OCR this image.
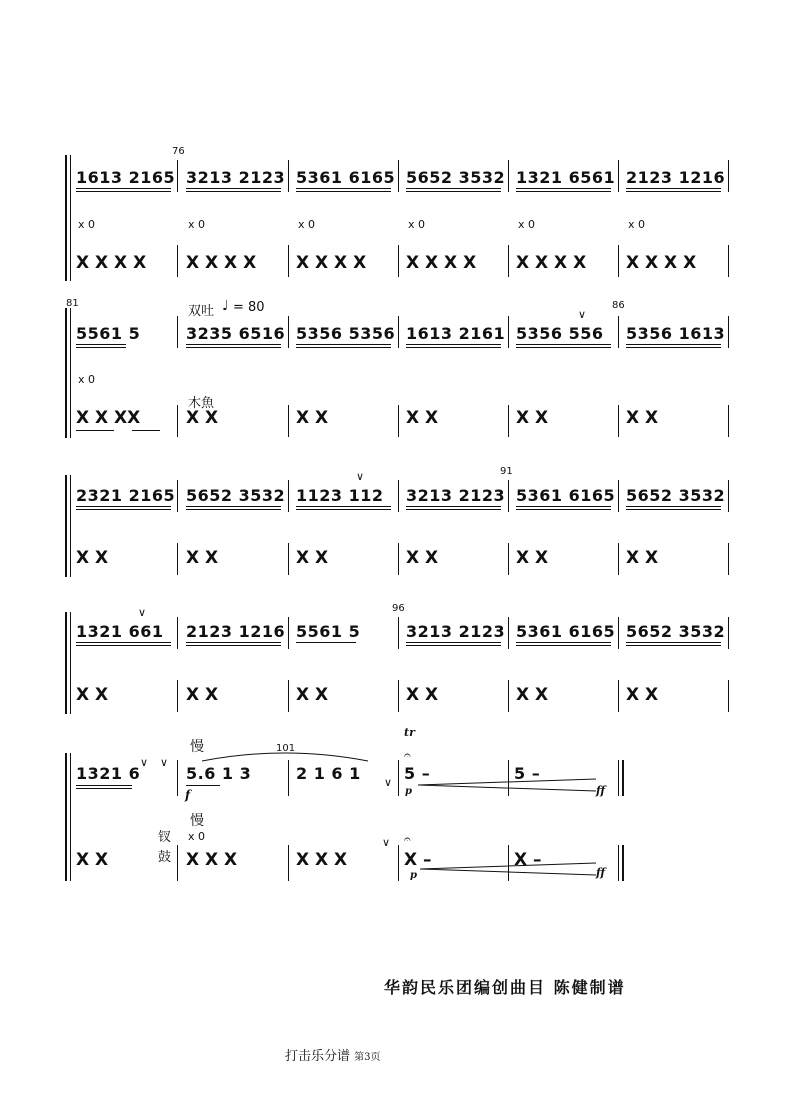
76
1613 2165 3213 2123 5361 6165 5652 3532 1321 6561 2123 1216
x 0	x 0	x 0	x 0	x 0	x 0
X X X X X X X X X X X X X X X X X X X X X X X X
81	86
双吐 ♩ = 80
木魚
5561 5	3235 6516 5356 5356 1613 2161 5356 556 5356 1613
∨
x 0
X X XX	X X	X X	X X	X X	X X
91
2321 2165 5652 3532 1123 112 3213 2123 5361 6165 5652 3532
∨
X X	X X	X X	X X	X X	X X
96
1321 661 2123 1216 5561 5	3213 2123 5361 6165 5652 3532
∨
X X	X X	X X	X X	X X	X X
101
慢
慢
tr
钗
鼓
1321 6	5.6 1 3	2 1 6 1	5 –	5 –
∨ ∨
∨
𝄐
f	p	ff
x 0
X X	X X X	X X X	X –	X –
∨ 𝄐
p	ff
华韵民乐团编创曲目 陈健制谱
打击乐分谱 第3页
